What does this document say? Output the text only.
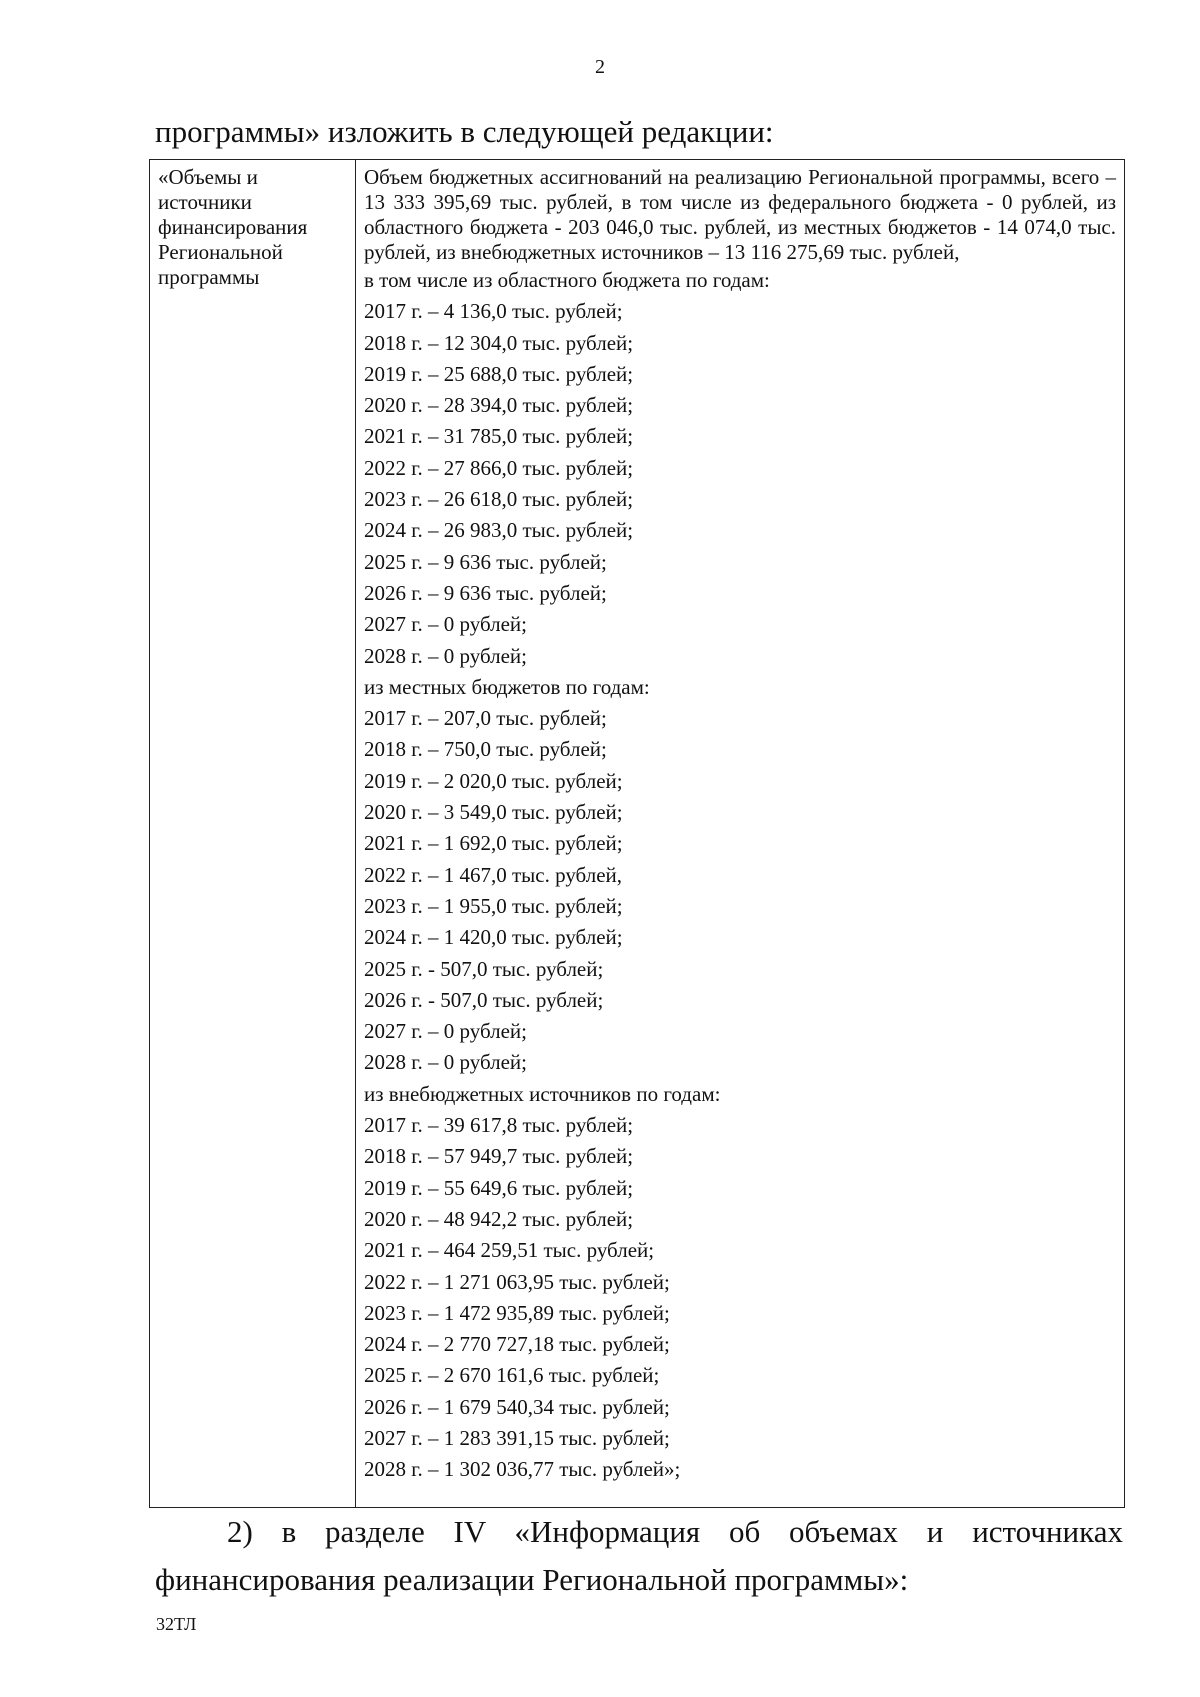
2
программы» изложить в следующей редакции:
«Объемы и источники финансирования Региональной программы

Объем бюджетных ассигнований на реализацию Региональной программы, всего – 13 333 395,69 тыс. рублей, в том числе из федерального бюджета - 0 рублей, из областного бюджета - 203 046,0 тыс. рублей, из местных бюджетов - 14 074,0 тыс. рублей, из внебюджетных источников – 13 116 275,69 тыс. рублей,

в том числе из областного бюджета по годам:
2017 г. – 4 136,0 тыс. рублей;
2018 г. – 12 304,0 тыс. рублей;
2019 г. – 25 688,0 тыс. рублей;
2020 г. – 28 394,0 тыс. рублей;
2021 г. – 31 785,0 тыс. рублей;
2022 г. – 27 866,0 тыс. рублей;
2023 г. – 26 618,0 тыс. рублей;
2024 г. – 26 983,0 тыс. рублей;
2025 г. – 9 636 тыс. рублей;
2026 г. – 9 636 тыс. рублей;
2027 г. – 0 рублей;
2028 г. – 0 рублей;
из местных бюджетов по годам:
2017 г. – 207,0 тыс. рублей;
2018 г. – 750,0 тыс. рублей;
2019 г. – 2 020,0 тыс. рублей;
2020 г. – 3 549,0 тыс. рублей;
2021 г. – 1 692,0 тыс. рублей;
2022 г. – 1 467,0 тыс. рублей,
2023 г. – 1 955,0 тыс. рублей;
2024 г. – 1 420,0 тыс. рублей;
2025 г. - 507,0 тыс. рублей;
2026 г. - 507,0 тыс. рублей;
2027 г. – 0 рублей;
2028 г. – 0 рублей;
из внебюджетных источников по годам:
2017 г. – 39 617,8 тыс. рублей;
2018 г. – 57 949,7 тыс. рублей;
2019 г. – 55 649,6 тыс. рублей;
2020 г. – 48 942,2 тыс. рублей;
2021 г. – 464 259,51 тыс. рублей;
2022 г. – 1 271 063,95 тыс. рублей;
2023 г. – 1 472 935,89 тыс. рублей;
2024 г. – 2 770 727,18 тыс. рублей;
2025 г. – 2 670 161,6 тыс. рублей;
2026 г. – 1 679 540,34 тыс. рублей;
2027 г. – 1 283 391,15 тыс. рублей;
2028 г. – 1 302 036,77 тыс. рублей»;
2) в разделе IV «Информация об объемах и источниках
финансирования реализации Региональной программы»:
32ТЛ
